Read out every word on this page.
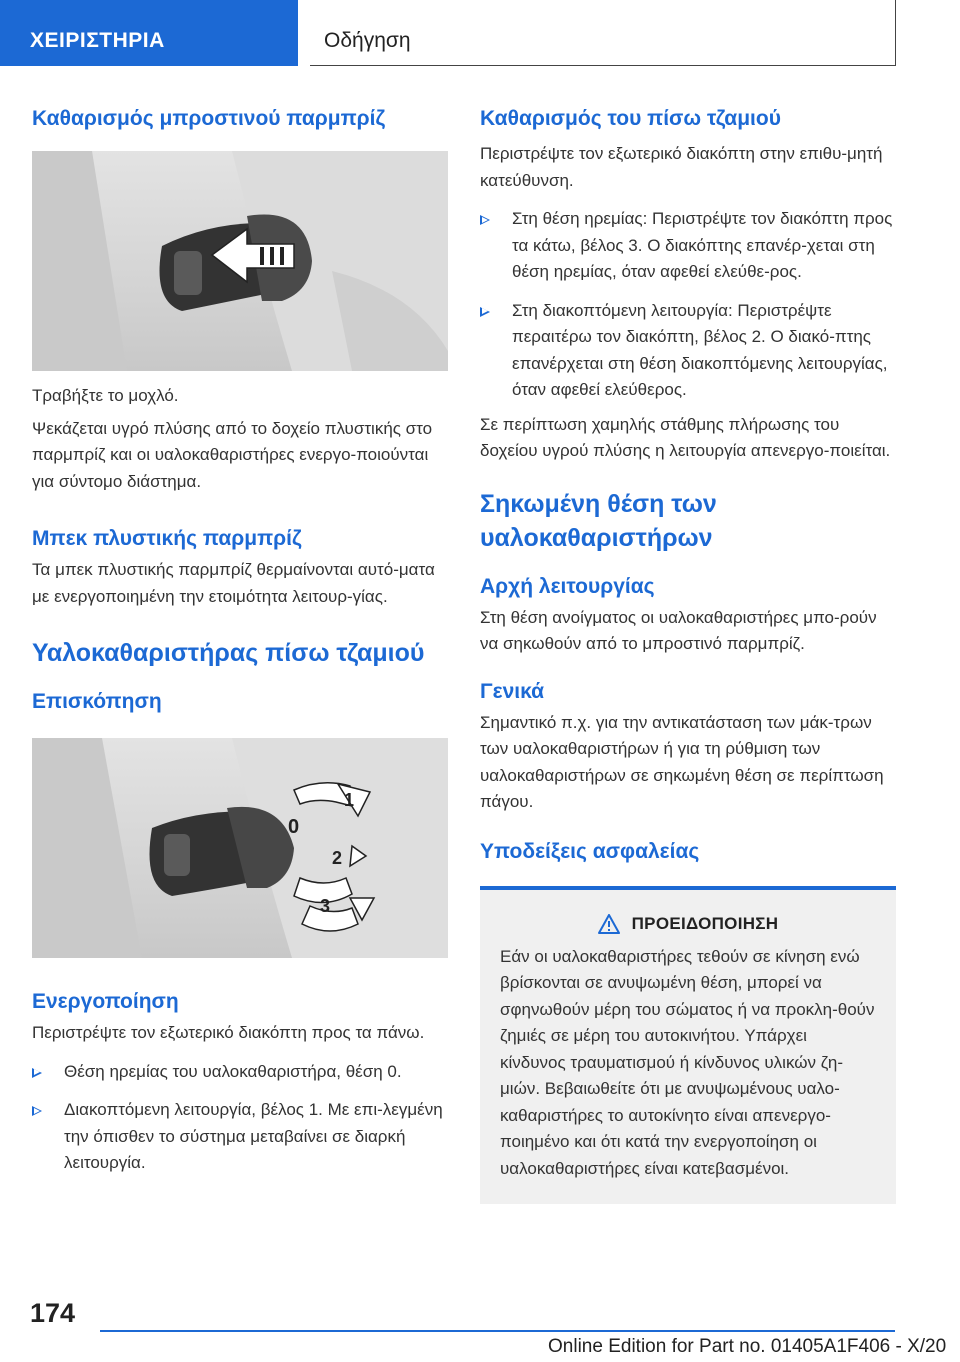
ΧΕΙΡΙΣΤΗΡΙΑ	Οδήγηση
Καθαρισμός μπροστινού παρμπρίζ

Τραβήξτε το μοχλό.

Ψεκάζεται υγρό πλύσης από το δοχείο πλυστικής στο παρμπρίζ και οι υαλοκαθαριστήρες ενεργο-ποιούνται για σύντομο διάστημα.

Μπεκ πλυστικής παρμπρίζ

Τα μπεκ πλυστικής παρμπρίζ θερμαίνονται αυτό-ματα με ενεργοποιημένη την ετοιμότητα λειτουρ-γίας.

Υαλοκαθαριστήρας πίσω τζαμιού
Επισκόπηση
1
0
2
3
Ενεργοποίηση

Περιστρέψτε τον εξωτερικό διακόπτη προς τα πάνω.

Θέση ηρεμίας του υαλοκαθαριστήρα, θέση 0.
Διακοπτόμενη λειτουργία, βέλος 1. Με επι-λεγμένη την όπισθεν το σύστημα μεταβαίνει σε διαρκή λειτουργία.
Καθαρισμός του πίσω τζαμιού

Περιστρέψτε τον εξωτερικό διακόπτη στην επιθυ-μητή κατεύθυνση.

Στη θέση ηρεμίας: Περιστρέψτε τον διακόπτη προς τα κάτω, βέλος 3. Ο διακόπτης επανέρ-χεται στη θέση ηρεμίας, όταν αφεθεί ελεύθε-ρος.
Στη διακοπτόμενη λειτουργία: Περιστρέψτε περαιτέρω τον διακόπτη, βέλος 2. Ο διακό-πτης επανέρχεται στη θέση διακοπτόμενης λειτουργίας, όταν αφεθεί ελεύθερος.

Σε περίπτωση χαμηλής στάθμης πλήρωσης του δοχείου υγρού πλύσης η λειτουργία απενεργο-ποιείται.

Σηκωμένη θέση των υαλοκαθαριστήρων
Αρχή λειτουργίας

Στη θέση ανοίγματος οι υαλοκαθαριστήρες μπο-ρούν να σηκωθούν από το μπροστινό παρμπρίζ.

Γενικά

Σημαντικό π.χ. για την αντικατάσταση των μάκ-τρων των υαλοκαθαριστήρων ή για τη ρύθμιση των υαλοκαθαριστήρων σε σηκωμένη θέση σε περίπτωση πάγου.

Υποδείξεις ασφαλείας
ΠΡΟΕΙΔΟΠΟΙΗΣΗ

Εάν οι υαλοκαθαριστήρες τεθούν σε κίνηση ενώ βρίσκονται σε ανυψωμένη θέση, μπορεί να σφηνωθούν μέρη του σώματος ή να προκλη-θούν ζημιές σε μέρη του αυτοκινήτου. Υπάρχει κίνδυνος τραυματισμού ή κίνδυνος υλικών ζη-μιών. Βεβαιωθείτε ότι με ανυψωμένους υαλο-καθαριστήρες το αυτοκίνητο είναι απενεργο-ποιημένο και ότι κατά την ενεργοποίηση οι υαλοκαθαριστήρες είναι κατεβασμένοι.

174
Online Edition for Part no. 01405A1F406 - X/20
